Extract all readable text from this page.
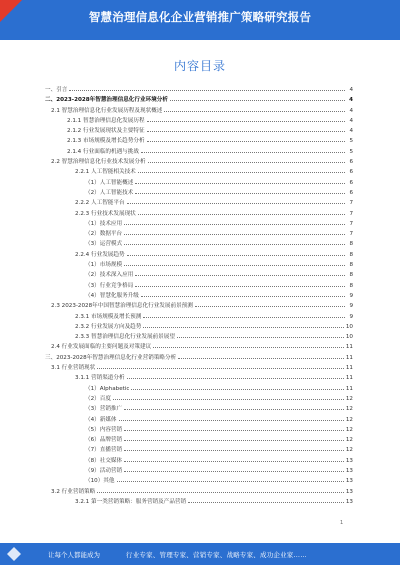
智慧治理信息化企业营销推广策略研究报告
内容目录
一、引言	4
二、2023-2028年智慧治理信息化行业环境分析	4
2.1 智慧治理信息化行业发展历程及现状概述	4
2.1.1 智慧治理信息化发展历程	4
2.1.2 行业发展现状及主要特征	4
2.1.3 市场规模及增长趋势分析	5
2.1.4 行业面临的机遇与挑战	5
2.2 智慧治理信息化行业技术发展分析	6
2.2.1 人工智能相关技术	6
（1）人工智能概述	6
（2）人工智能技术	6
2.2.2 人工智能平台	7
2.2.3 行业技术发展现状	7
（1）技术应用	7
（2）数据平台	7
（3）运营模式	8
2.2.4 行业发展趋势	8
（1）市场规模	8
（2）技术深入应用	8
（3）行业竞争格局	8
（4）智慧化服务升级	9
2.3 2023-2028年中国智慧治理信息化行业发展前景预测	9
2.3.1 市场规模及增长预测	9
2.3.2 行业发展方向及趋势	10
2.3.3 智慧治理信息化行业发展前景展望	10
2.4 行业发展面临的主要问题及对策建议	11
三、2023-2028年智慧治理信息化行业营销策略分析	11
3.1 行业营销现状	11
3.1.1 营销渠道分析	11
（1）Alphabetic	11
（2）百度	12
（3）营销推广	12
（4）新媒体	12
（5）内容营销	12
（6）品牌营销	12
（7）直播营销	12
（8）社交媒体	13
（9）活动营销	13
（10）其他	13
3.2 行业营销策略	13
3.2.1 第一类营销策略：服务营销及产品营销	13
1
让每个人都能成为	行业专家、管理专家、营销专家、战略专家、成功企业家……
